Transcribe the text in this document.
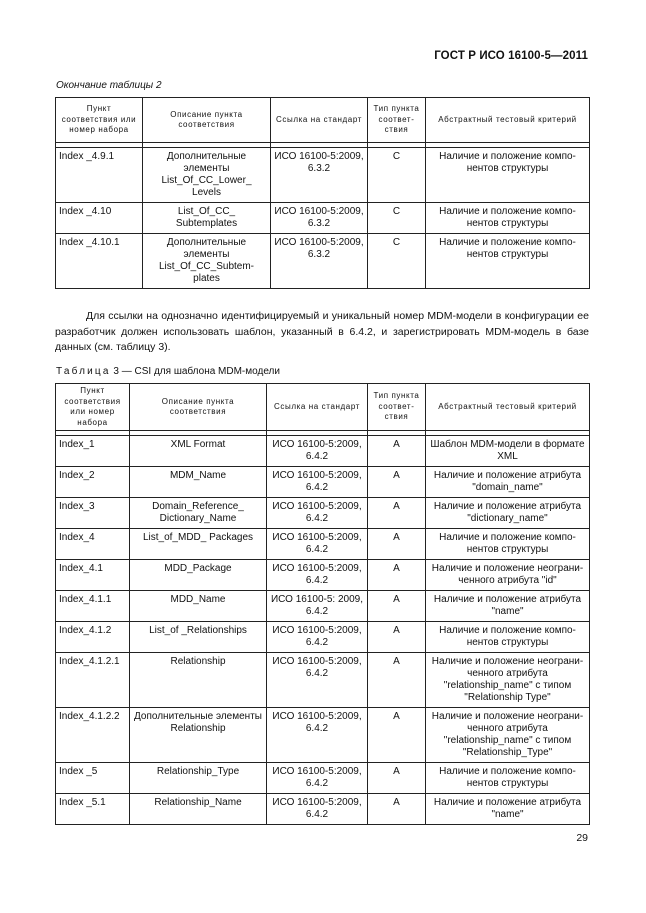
ГОСТ Р ИСО 16100-5—2011
Окончание таблицы 2
Пункт соответствия или номер набора	Описание пункта соответствия	Ссылка на стандарт	Тип пункта соответ-ствия	Абстрактный тестовый критерий

Index _4.9.1	Дополнительные элементы List_Of_CC_Lower_ Levels	ИСО 16100-5:2009, 6.3.2	C	Наличие и положение компо-нентов структуры
Index _4.10	List_Of_CC_ Subtemplates	ИСО 16100-5:2009, 6.3.2	C	Наличие и положение компо-нентов структуры
Index _4.10.1	Дополнительные элементы List_Of_CC_Subtem-plates	ИСО 16100-5:2009, 6.3.2	C	Наличие и положение компо-нентов структуры
Для ссылки на однозначно идентифицируемый и уникальный номер MDM-модели в конфигурации ее разработчик должен использовать шаблон, указанный в 6.4.2, и зарегистрировать MDM-модель в базе данных (см. таблицу 3).
Таблица 3 — CSI для шаблона MDM-модели
Пункт соответствия или номер набора	Описание пункта соответствия	Ссылка на стандарт	Тип пункта соответ-ствия	Абстрактный тестовый критерий

Index_1	XML Format	ИСО 16100-5:2009, 6.4.2	A	Шаблон MDM-модели в формате XML
Index_2	MDM_Name	ИСО 16100-5:2009, 6.4.2	A	Наличие и положение атрибута "domain_name"
Index_3	Domain_Reference_ Dictionary_Name	ИСО 16100-5:2009, 6.4.2	A	Наличие и положение атрибута "dictionary_name"
Index_4	List_of_MDD_ Packages	ИСО 16100-5:2009, 6.4.2	A	Наличие и положение компо-нентов структуры
Index_4.1	MDD_Package	ИСО 16100-5:2009, 6.4.2	A	Наличие и положение неограни-ченного атрибута "id"
Index_4.1.1	MDD_Name	ИСО 16100-5: 2009, 6.4.2	A	Наличие и положение атрибута "name"
Index_4.1.2	List_of _Relationships	ИСО 16100-5:2009, 6.4.2	A	Наличие и положение компо-нентов структуры
Index_4.1.2.1	Relationship	ИСО 16100-5:2009, 6.4.2	A	Наличие и положение неограни-ченного атрибута "relationship_name" с типом "Relationship Type"
Index_4.1.2.2	Дополнительные элементы Relationship	ИСО 16100-5:2009, 6.4.2	A	Наличие и положение неограни-ченного атрибута "relationship_name" с типом "Relationship_Type"
Index _5	Relationship_Type	ИСО 16100-5:2009, 6.4.2	A	Наличие и положение компо-нентов структуры
Index _5.1	Relationship_Name	ИСО 16100-5:2009, 6.4.2	A	Наличие и положение атрибута "name"
29
